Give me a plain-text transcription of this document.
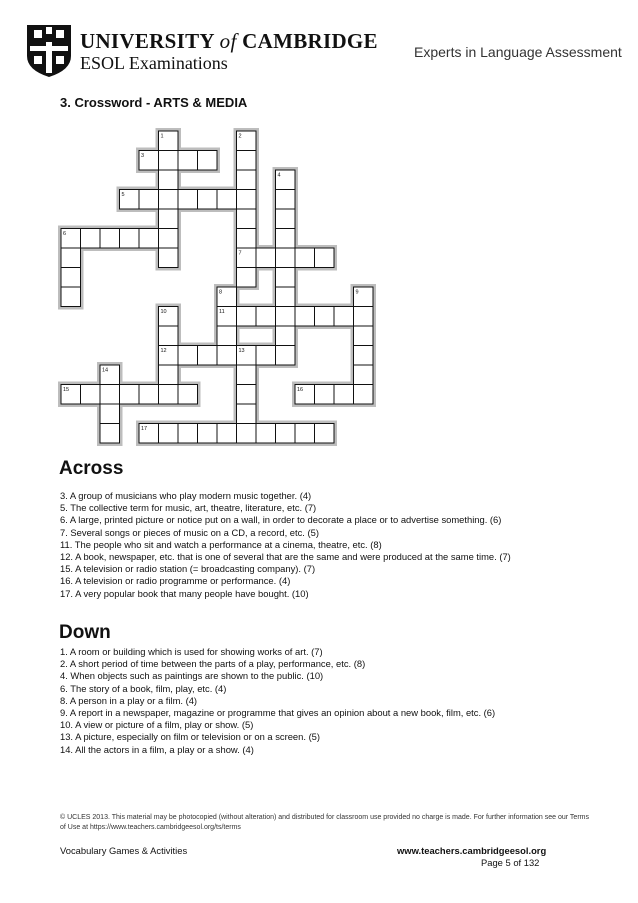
UNIVERSITY of CAMBRIDGE
ESOL Examinations
Experts in Language Assessment
3. Crossword - ARTS & MEDIA
1	2
3
4
5
6
7
8	9
10	11
12	13
14
15	16
17
Across
3. A group of musicians who play modern music together. (4)
5. The collective term for music, art, theatre, literature, etc. (7)
6. A large, printed picture or notice put on a wall, in order to decorate a place or to advertise something. (6)
7. Several songs or pieces of music on a CD, a record, etc. (5)
11. The people who sit and watch a performance at a cinema, theatre, etc. (8)
12. A book, newspaper, etc. that is one of several that are the same and were produced at the same time. (7)
15. A television or radio station (= broadcasting company). (7)
16. A television or radio programme or performance. (4)
17. A very popular book that many people have bought. (10)
Down
1. A room or building which is used for showing works of art. (7)
2. A short period of time between the parts of a play, performance, etc. (8)
4. When objects such as paintings are shown to the public. (10)
6. The story of a book, film, play, etc. (4)
8. A person in a play or a film. (4)
9. A report in a newspaper, magazine or programme that gives an opinion about a new book, film, etc. (6)
10. A view or picture of a film, play or show. (5)
13. A picture, especially on film or television or on a screen. (5)
14. All the actors in a film, a play or a show. (4)
© UCLES 2013. This material may be photocopied (without alteration) and distributed for classroom use provided no charge is made. For further information see our Terms of Use at https://www.teachers.cambridgeesol.org/ts/terms
Vocabulary Games & Activities	www.teachers.cambridgeesol.org
Page 5 of 132
